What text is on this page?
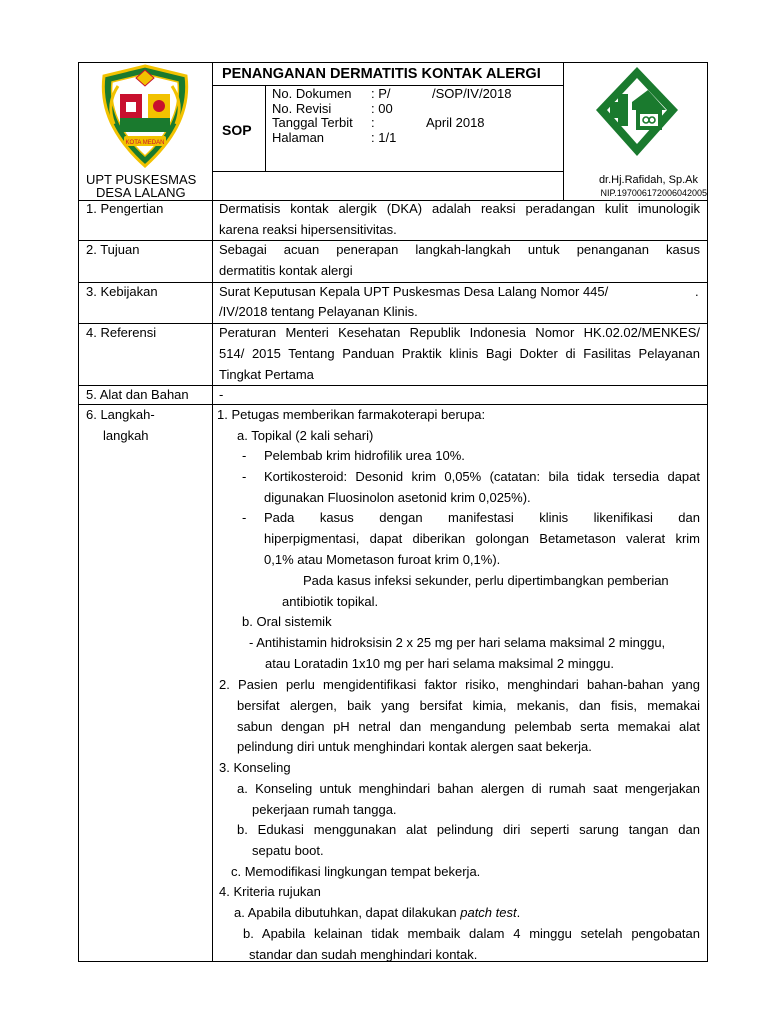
KOTA MEDAN
PENANGANAN DERMATITIS KONTAK ALERGI
SOP
No. Dokumen : P/	/SOP/IV/2018
No. Revisi	: 00
Tanggal Terbit :	April 2018
Halaman	: 1/1
UPT PUSKESMAS
DESA LALANG
dr.Hj.Rafidah, Sp.Ak
NIP.197006172006042005
1. Pengertian	Dermatisis kontak alergik (DKA) adalah reaksi peradangan kulit imunologik
karena reaksi hipersensitivitas.
2. Tujuan	Sebagai acuan penerapan langkah-langkah untuk penanganan kasus
dermatitis kontak alergi
3. Kebijakan	Surat Keputusan Kepala UPT Puskesmas Desa Lalang Nomor 445/	.
/IV/2018 tentang Pelayanan Klinis.
4. Referensi	Peraturan Menteri Kesehatan Republik Indonesia Nomor HK.02.02/MENKES/
514/ 2015 Tentang Panduan Praktik klinis Bagi Dokter di Fasilitas Pelayanan
Tingkat Pertama
5. Alat dan Bahan -
6. Langkah-
langkah
1. Petugas memberikan farmakoterapi berupa:
a. Topikal (2 kali sehari)
- Pelembab krim hidrofilik urea 10%.
- Kortikosteroid: Desonid krim 0,05% (catatan: bila tidak tersedia dapat
digunakan Fluosinolon asetonid krim 0,025%).
- Pada kasus dengan manifestasi klinis likenifikasi dan
hiperpigmentasi, dapat diberikan golongan Betametason valerat krim
0,1% atau Mometason furoat krim 0,1%).
Pada kasus infeksi sekunder, perlu dipertimbangkan pemberian
antibiotik topikal.
b. Oral sistemik
- Antihistamin hidroksisin 2 x 25 mg per hari selama maksimal 2 minggu,
atau Loratadin 1x10 mg per hari selama maksimal 2 minggu.
2. Pasien perlu mengidentifikasi faktor risiko, menghindari bahan-bahan yang
bersifat alergen, baik yang bersifat kimia, mekanis, dan fisis, memakai
sabun dengan pH netral dan mengandung pelembab serta memakai alat
pelindung diri untuk menghindari kontak alergen saat bekerja.
3. Konseling
a. Konseling untuk menghindari bahan alergen di rumah saat mengerjakan
pekerjaan rumah tangga.
b. Edukasi menggunakan alat pelindung diri seperti sarung tangan dan
sepatu boot.
c. Memodifikasi lingkungan tempat bekerja.
4. Kriteria rujukan
a. Apabila dibutuhkan, dapat dilakukan patch test.
b. Apabila kelainan tidak membaik dalam 4 minggu setelah pengobatan
standar dan sudah menghindari kontak.
